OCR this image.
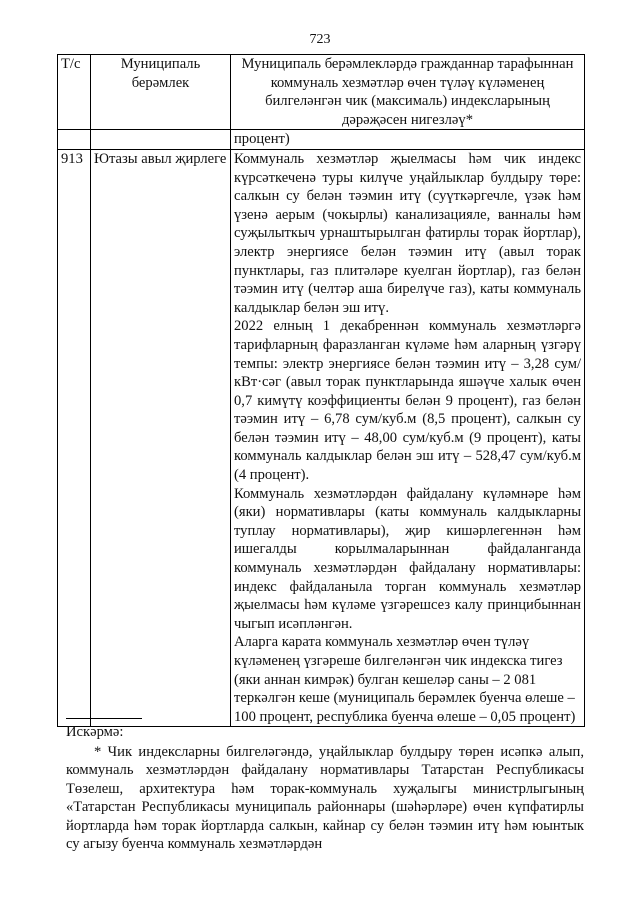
723
Т/с	Муниципаль берәмлек	Муниципаль берәмлекләрдә гражданнар тарафыннан коммуналь хезмәтләр өчен түләү күләменең билгеләнгән чик (максималь) индексларының дәрәҗәсен нигезләү*
		процент)
913	Ютазы авыл җирлеге	Коммуналь хезмәтләр җыелмасы һәм чик индекс күрсәткеченә туры килүче уңайлыклар булдыру төре: салкын су белән тәэмин итү (суүткәргечле, үзәк һәм үзенә аерым (чокырлы) канализацияле, ванналы һәм суҗылыткыч урнаштырылган фатирлы торак йортлар), электр энергиясе белән тәэмин итү (авыл торак пунктлары, газ плитәләре куелган йортлар), газ белән тәэмин итү (челтәр аша бирелүче газ), каты коммуналь калдыклар белән эш итү.

2022 елның 1 декабреннән коммуналь хезмәтләргә тарифларның фаразланган күләме һәм аларның үзгәрү темпы: электр энергиясе белән тәэмин итү – 3,28 сум/кВт·сәг (авыл торак пунктларында яшәүче халык өчен 0,7 кимүтү коэффициенты белән 9 процент), газ белән тәэмин итү – 6,78 сум/куб.м (8,5 процент), салкын су белән тәэмин итү – 48,00 сум/куб.м (9 процент), каты коммуналь калдыклар белән эш итү – 528,47 сум/куб.м (4 процент).

Коммуналь хезмәтләрдән файдалану күләмнәре һәм (яки) нормативлары (каты коммуналь калдыкларны туплау нормативлары), җир кишәрлегеннән һәм ишегалды корылмаларыннан файдаланганда коммуналь хезмәтләрдән файдалану нормативлары: индекс файдаланыла торган коммуналь хезмәтләр җыелмасы һәм күләме үзгәрешсез калу принцибыннан чыгып исәпләнгән.

Аларга карата коммуналь хезмәтләр өчен түләү күләменең үзгәреше билгеләнгән чик индекска тигез (яки аннан кимрәк) булган кешеләр саны – 2 081 теркәлгән кеше (муниципаль берәмлек буенча өлеше – 100 процент, республика буенча өлеше – 0,05 процент)

Искәрмә:
* Чик индексларны билгеләгәндә, уңайлыклар булдыру төрен исәпкә алып, коммуналь хезмәтләрдән файдалану нормативлары Татарстан Республикасы Төзелеш, архитектура һәм торак-коммуналь хуҗалыгы министрлыгының «Татарстан Республикасы муниципаль районнары (шәһәрләре) өчен күпфатирлы йортларда һәм торак йортларда салкын, кайнар су белән тәэмин итү һәм юынтык су агызу буенча коммуналь хезмәтләрдән
